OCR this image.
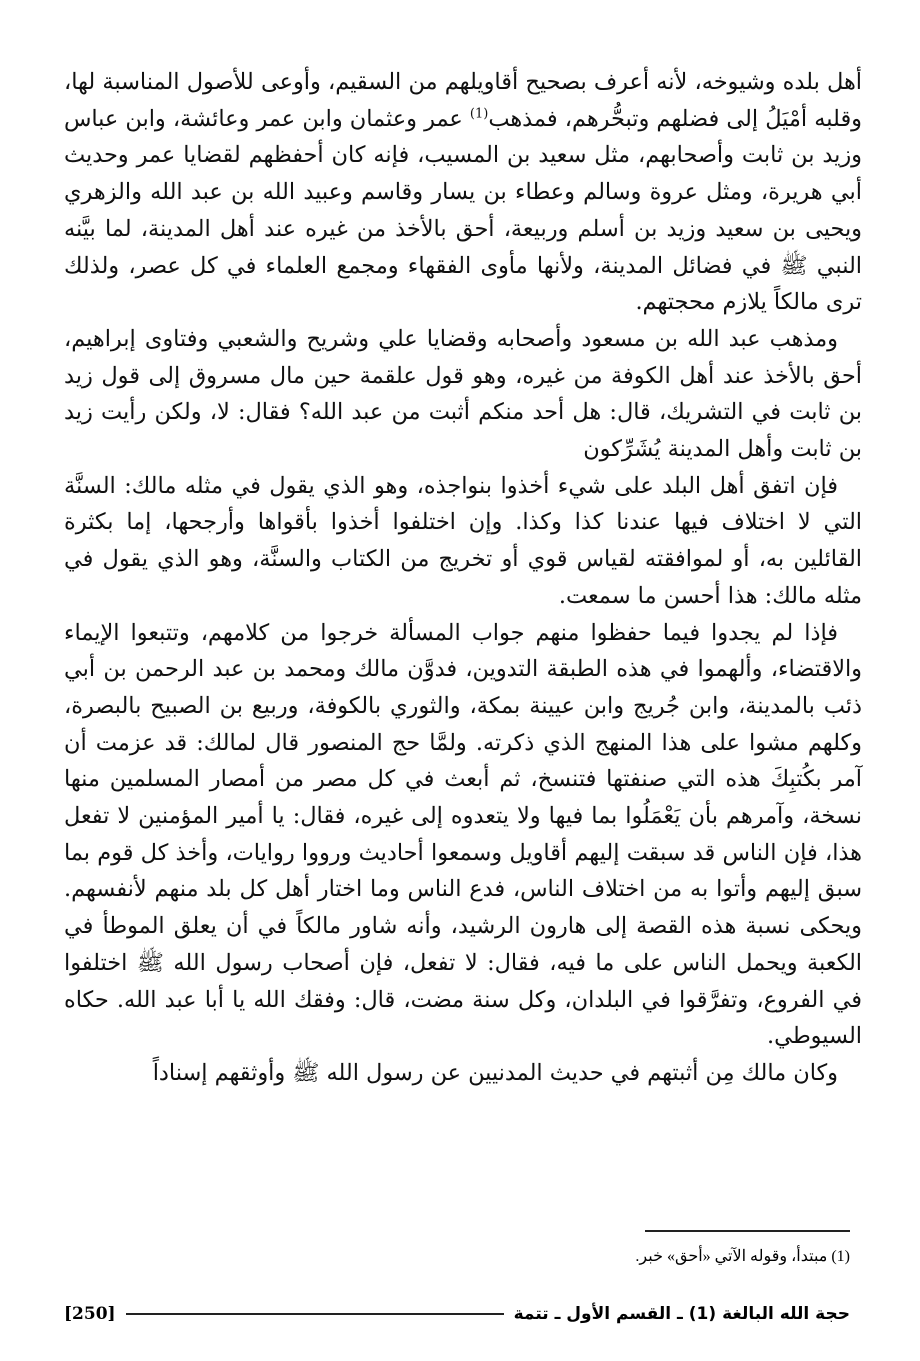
أهل بلده وشيوخه، لأنه أعرف بصحيح أقاويلهم من السقيم، وأوعى للأصول المناسبة لها، وقلبه أمْيَلُ إلى فضلهم وتبحُّرهم، فمذهب$^{(1)}$ عمر وعثمان وابن عمر وعائشة، وابن عباس وزيد بن ثابت وأصحابهم، مثل سعيد بن المسيب، فإنه كان أحفظهم لقضايا عمر وحديث أبي هريرة، ومثل عروة وسالم وعطاء بن يسار وقاسم وعبيد الله بن عبد الله والزهري ويحيى بن سعيد وزيد بن أسلم وربيعة، أحق بالأخذ من غيره عند أهل المدينة، لما بيَّنه النبي ﷺ في فضائل المدينة، ولأنها مأوى الفقهاء ومجمع العلماء في كل عصر، ولذلك ترى مالكاً يلازم محجتهم.

ومذهب عبد الله بن مسعود وأصحابه وقضايا علي وشريح والشعبي وفتاوى إبراهيم، أحق بالأخذ عند أهل الكوفة من غيره، وهو قول علقمة حين مال مسروق إلى قول زيد بن ثابت في التشريك، قال: هل أحد منكم أثبت من عبد الله؟ فقال: لا، ولكن رأيت زيد بن ثابت وأهل المدينة يُشَرِّكون

فإن اتفق أهل البلد على شيء أخذوا بنواجذه، وهو الذي يقول في مثله مالك: السنَّة التي لا اختلاف فيها عندنا كذا وكذا. وإن اختلفوا أخذوا بأقواها وأرجحها، إما بكثرة القائلين به، أو لموافقته لقياس قوي أو تخريج من الكتاب والسنَّة، وهو الذي يقول في مثله مالك: هذا أحسن ما سمعت.

فإذا لم يجدوا فيما حفظوا منهم جواب المسألة خرجوا من كلامهم، وتتبعوا الإيماء والاقتضاء، وألهموا في هذه الطبقة التدوين، فدوَّن مالك ومحمد بن عبد الرحمن بن أبي ذئب بالمدينة، وابن جُريج وابن عيينة بمكة، والثوري بالكوفة، وربيع بن الصبيح بالبصرة، وكلهم مشوا على هذا المنهج الذي ذكرته. ولمَّا حج المنصور قال لمالك: قد عزمت أن آمر بكُتبِكَ هذه التي صنفتها فتنسخ، ثم أبعث في كل مصر من أمصار المسلمين منها نسخة، وآمرهم بأن يَعْمَلُوا بما فيها ولا يتعدوه إلى غيره، فقال: يا أمير المؤمنين لا تفعل هذا، فإن الناس قد سبقت إليهم أقاويل وسمعوا أحاديث ورووا روايات، وأخذ كل قوم بما سبق إليهم وأتوا به من اختلاف الناس، فدع الناس وما اختار أهل كل بلد منهم لأنفسهم. ويحكى نسبة هذه القصة إلى هارون الرشيد، وأنه شاور مالكاً في أن يعلق الموطأ في الكعبة ويحمل الناس على ما فيه، فقال: لا تفعل، فإن أصحاب رسول الله ﷺ اختلفوا في الفروع، وتفرَّقوا في البلدان، وكل سنة مضت، قال: وفقك الله يا أبا عبد الله. حكاه السيوطي.

وكان مالك مِن أثبتهم في حديث المدنيين عن رسول الله ﷺ وأوثقهم إسناداً

(1) مبتدأ، وقوله الآتي «أحق» خبر.

حجة الله البالغة (1) ـ القسم الأول ـ تتمة
[250]
